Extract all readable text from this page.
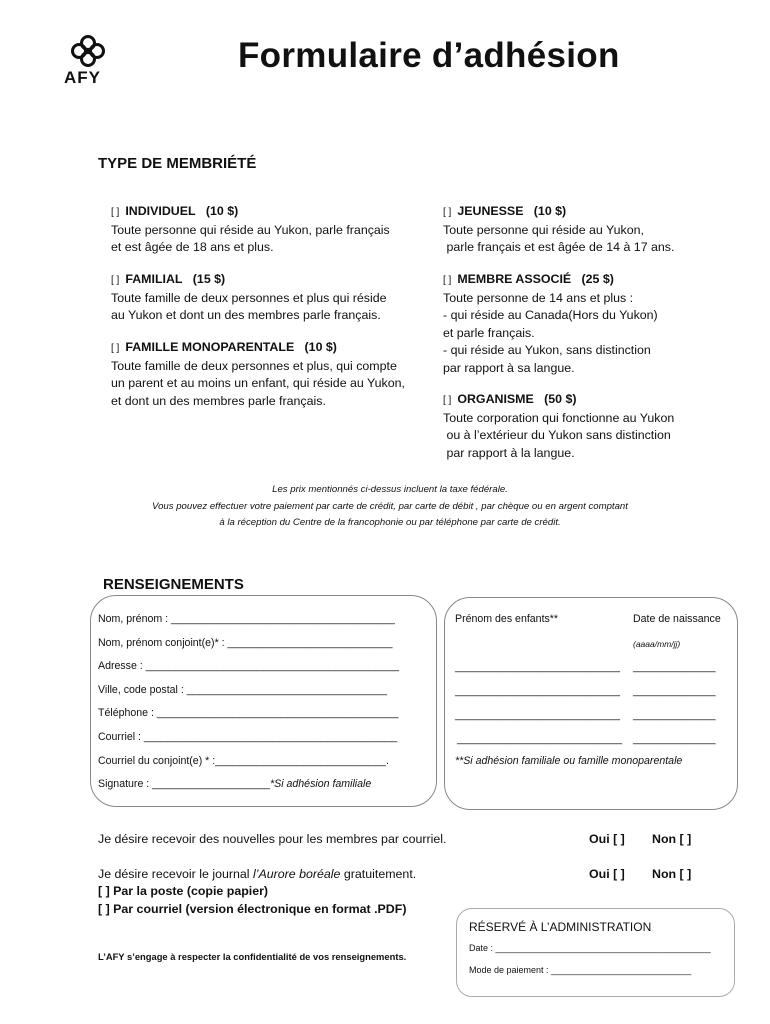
AFY
Formulaire d’adhésion
TYPE DE MEMBRIÉTÉ
[ ] INDIVIDUEL (10 $)
Toute personne qui réside au Yukon, parle français
et est âgée de 18 ans et plus.
[ ] FAMILIAL (15 $)
Toute famille de deux personnes et plus qui réside
au Yukon et dont un des membres parle français.
[ ] FAMILLE MONOPARENTALE (10 $)
Toute famille de deux personnes et plus, qui compte
un parent et au moins un enfant, qui réside au Yukon,
et dont un des membres parle français.
[ ] JEUNESSE (10 $)
Toute personne qui réside au Yukon,
parle français et est âgée de 14 à 17 ans.
[ ] MEMBRE ASSOCIÉ (25 $)
Toute personne de 14 ans et plus :
- qui réside au Canada(Hors du Yukon)
et parle français.
- qui réside au Yukon, sans distinction
par rapport à sa langue.
[ ] ORGANISME (50 $)
Toute corporation qui fonctionne au Yukon
ou à l’extérieur du Yukon sans distinction
par rapport à la langue.
Les prix mentionnés ci-dessus incluent la taxe fédérale.
Vous pouvez effectuer votre paiement par carte de crédit, par carte de débit , par chèque ou en argent comptant
à la réception du Centre de la francophonie ou par téléphone par carte de crédit.
RENSEIGNEMENTS
Nom, prénom : ______________________________________
Nom, prénom conjoint(e)* : ____________________________
Adresse : ___________________________________________
Ville, code postal : __________________________________
Téléphone : _________________________________________
Courriel : ___________________________________________
Courriel du conjoint(e) * :_____________________________.
Signature : ____________________*Si adhésion familiale
Prénom des enfants**	Date de naissance
(aaaa/mm/jj)
____________________________ ______________
____________________________ ______________
____________________________ ______________
____________________________ ______________
**Si adhésion familiale ou famille monoparentale
Je désire recevoir des nouvelles pour les membres par courriel.	Oui [ ] Non [ ]
Je désire recevoir le journal l’Aurore boréale gratuitement.	Oui [ ] Non [ ]
[ ] Par la poste (copie papier)
[ ] Par courriel (version électronique en format .PDF)
L’AFY s’engage à respecter la confidentialité de vos renseignements.
RÉSERVÉ À L’ADMINISTRATION
Date : ___________________________________________
Mode de paiement : ____________________________
